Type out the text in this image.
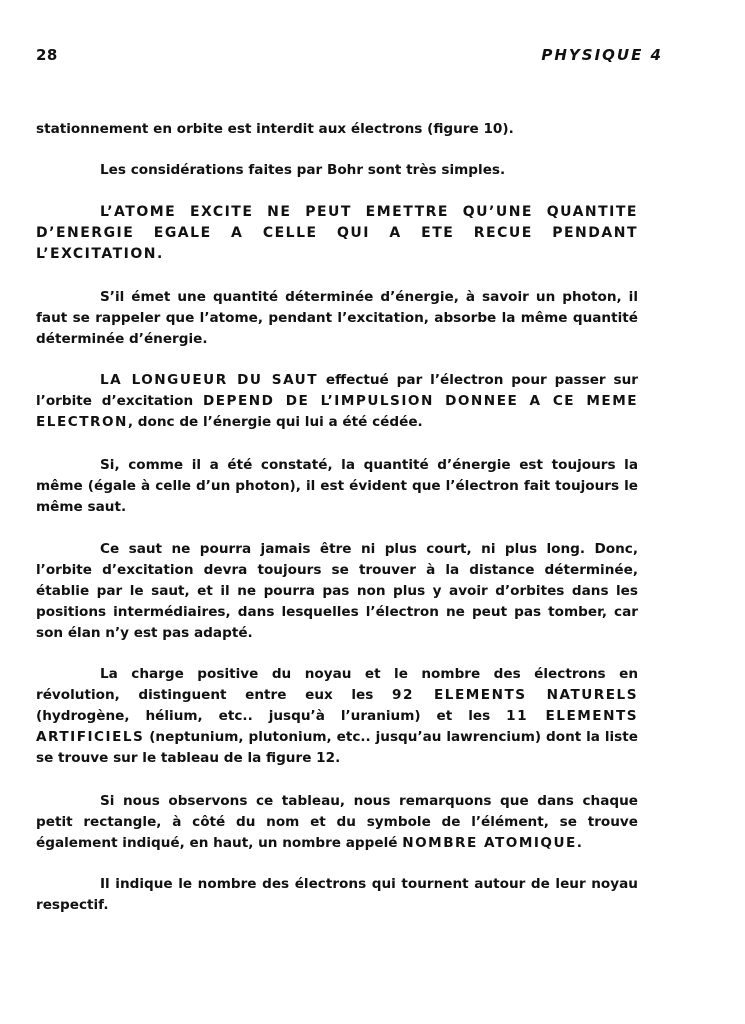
28	PHYSIQUE 4

stationnement en orbite est interdit aux électrons (figure 10).

Les considérations faites par Bohr sont très simples.

L’ATOME EXCITE NE PEUT EMETTRE QU’UNE QUANTITE D’ENERGIE EGALE A CELLE QUI A ETE RECUE PENDANT L’EXCITATION.

S’il émet une quantité déterminée d’énergie, à savoir un photon, il faut se rappeler que l’atome, pendant l’excitation, absorbe la même quantité déterminée d’énergie.

LA LONGUEUR DU SAUT effectué par l’électron pour passer sur l’orbite d’excitation DEPEND DE L’IMPULSION DONNEE A CE MEME ELECTRON, donc de l’énergie qui lui a été cédée.

Si, comme il a été constaté, la quantité d’énergie est toujours la même (égale à celle d’un photon), il est évident que l’électron fait toujours le même saut.

Ce saut ne pourra jamais être ni plus court, ni plus long. Donc, l’orbite d’excitation devra toujours se trouver à la distance déterminée, établie par le saut, et il ne pourra pas non plus y avoir d’orbites dans les positions intermédiaires, dans lesquelles l’électron ne peut pas tomber, car son élan n’y est pas adapté.

La charge positive du noyau et le nombre des électrons en révolution, distinguent entre eux les 92 ELEMENTS NATURELS (hydrogène, hélium, etc.. jusqu’à l’uranium) et les 11 ELEMENTS ARTIFICIELS (neptunium, plutonium, etc.. jusqu’au lawrencium) dont la liste se trouve sur le tableau de la figure 12.

Si nous observons ce tableau, nous remarquons que dans chaque petit rectangle, à côté du nom et du symbole de l’élément, se trouve également indiqué, en haut, un nombre appelé NOMBRE ATOMIQUE.

Il indique le nombre des électrons qui tournent autour de leur noyau respectif.
